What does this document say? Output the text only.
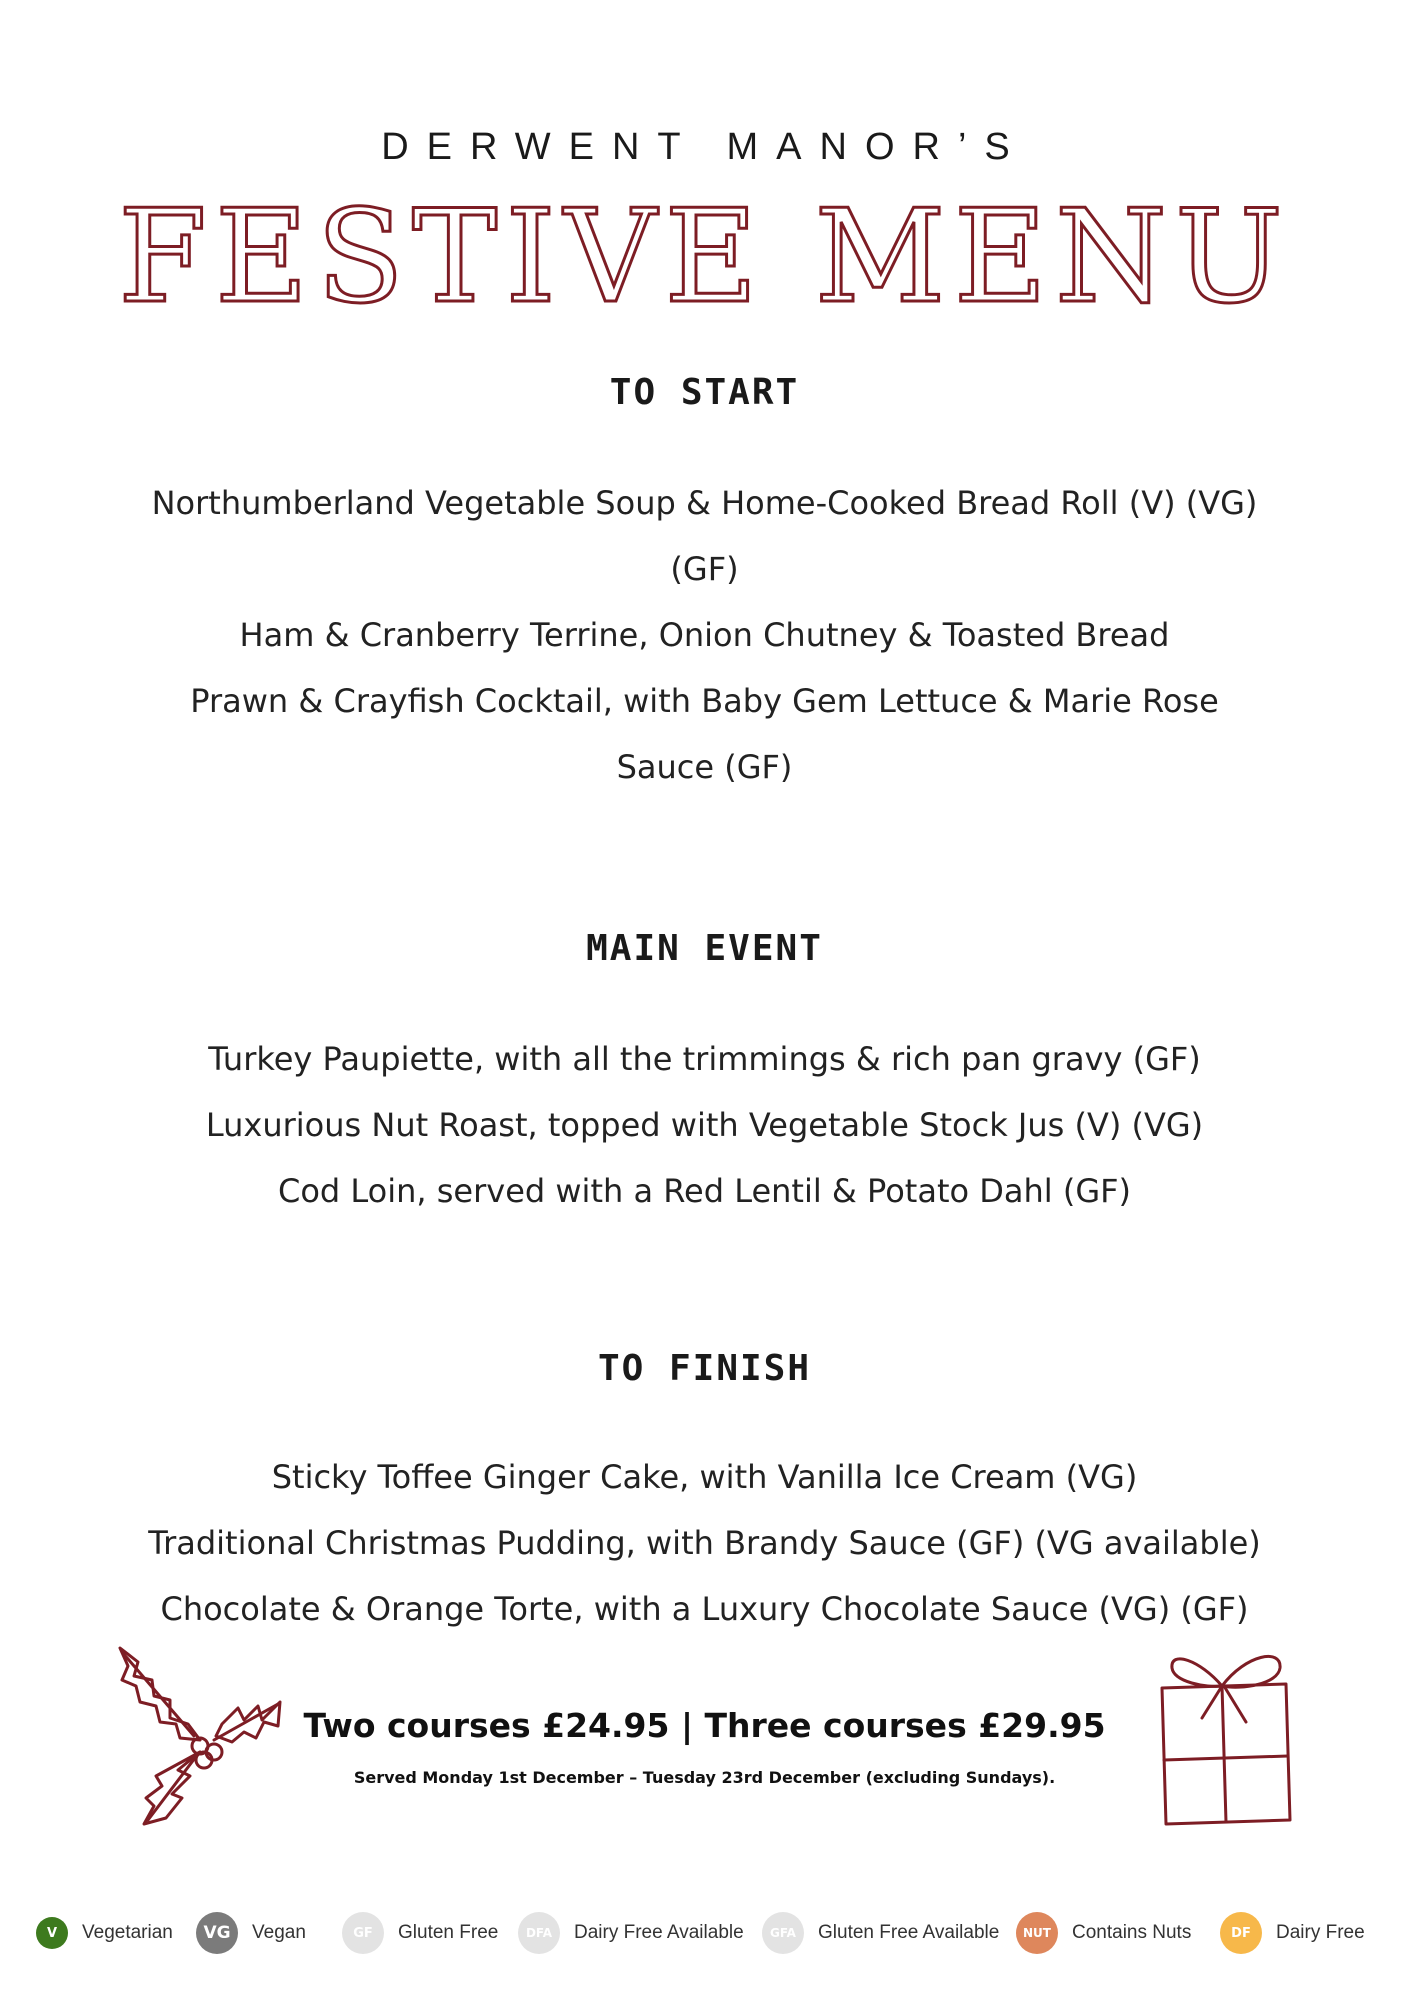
DERWENT MANOR’S
FESTIVE MENU
TO START

Northumberland Vegetable Soup & Home-Cooked Bread Roll (V) (VG) (GF)

Ham & Cranberry Terrine, Onion Chutney & Toasted Bread

Prawn & Crayfish Cocktail, with Baby Gem Lettuce & Marie Rose Sauce (GF)

MAIN EVENT

Turkey Paupiette, with all the trimmings & rich pan gravy (GF)

Luxurious Nut Roast, topped with Vegetable Stock Jus (V) (VG)

Cod Loin, served with a Red Lentil & Potato Dahl (GF)

TO FINISH

Sticky Toffee Ginger Cake, with Vanilla Ice Cream (VG)

Traditional Christmas Pudding, with Brandy Sauce (GF) (VG available)

Chocolate & Orange Torte, with a Luxury Chocolate Sauce (VG) (GF)

Two courses £24.95 | Three courses £29.95
Served Monday 1st December – Tuesday 23rd December (excluding Sundays).
V	Vegetarian	VG	Vegan	GF	Gluten Free	DFA	Dairy Free Available	GFA	Gluten Free Available	NUT	Contains Nuts	DF	Dairy Free
